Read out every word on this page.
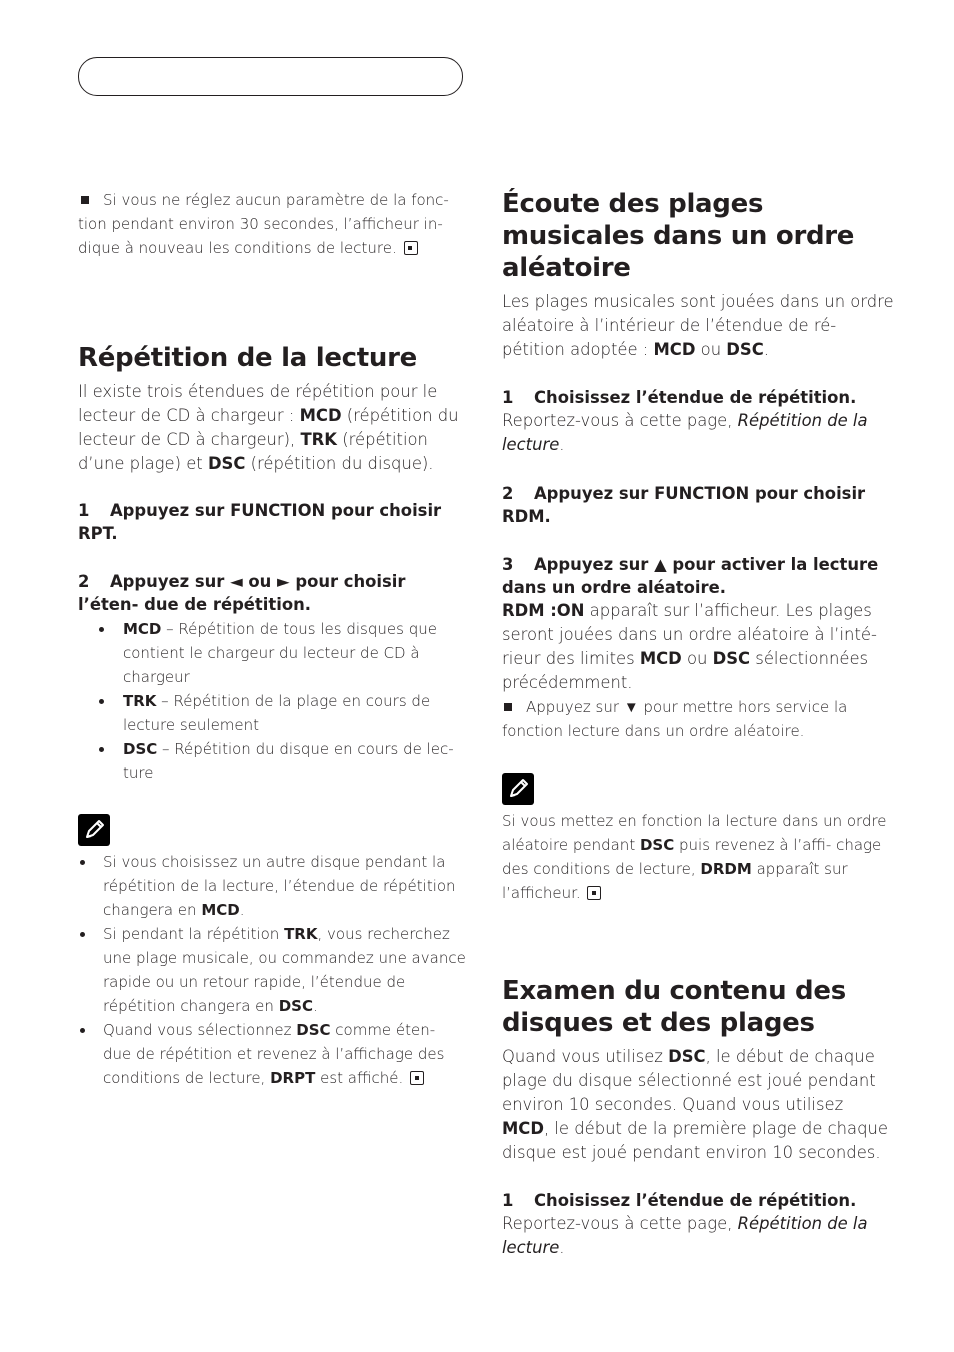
Si vous ne réglez aucun paramètre de la fonc- tion pendant environ 30 secondes, l’afficheur in- dique à nouveau les conditions de lecture.

Répétition de la lecture

Il existe trois étendues de répétition pour le lecteur de CD à chargeur : MCD (répétition du lecteur de CD à chargeur), TRK (répétition d’une plage) et DSC (répétition du disque).

1 Appuyez sur FUNCTION pour choisir RPT.

2 Appuyez sur ◄ ou ► pour choisir l’éten- due de répétition.

MCD – Répétition de tous les disques que contient le chargeur du lecteur de CD à chargeur
TRK – Répétition de la plage en cours de lecture seulement
DSC – Répétition du disque en cours de lec- ture
Si vous choisissez un autre disque pendant la répétition de la lecture, l’étendue de répétition changera en MCD.
Si pendant la répétition TRK, vous recherchez une plage musicale, ou commandez une avance rapide ou un retour rapide, l’étendue de répétition changera en DSC.
Quand vous sélectionnez DSC comme éten- due de répétition et revenez à l’affichage des conditions de lecture, DRPT est affiché.
Écoute des plages musicales dans un ordre aléatoire

Les plages musicales sont jouées dans un ordre aléatoire à l’intérieur de l’étendue de ré- pétition adoptée : MCD ou DSC.

1 Choisissez l’étendue de répétition.

Reportez-vous à cette page, Répétition de la lecture.

2 Appuyez sur FUNCTION pour choisir RDM.

3 Appuyez sur ▲ pour activer la lecture dans un ordre aléatoire.

RDM :ON apparaît sur l’afficheur. Les plages seront jouées dans un ordre aléatoire à l’inté- rieur des limites MCD ou DSC sélectionnées précédemment.

Appuyez sur ▼ pour mettre hors service la fonction lecture dans un ordre aléatoire.

Si vous mettez en fonction la lecture dans un ordre aléatoire pendant DSC puis revenez à l’affi- chage des conditions de lecture, DRDM apparaît sur l’afficheur.

Examen du contenu des disques et des plages

Quand vous utilisez DSC, le début de chaque plage du disque sélectionné est joué pendant environ 10 secondes. Quand vous utilisez MCD, le début de la première plage de chaque disque est joué pendant environ 10 secondes.

1 Choisissez l’étendue de répétition.

Reportez-vous à cette page, Répétition de la lecture.
